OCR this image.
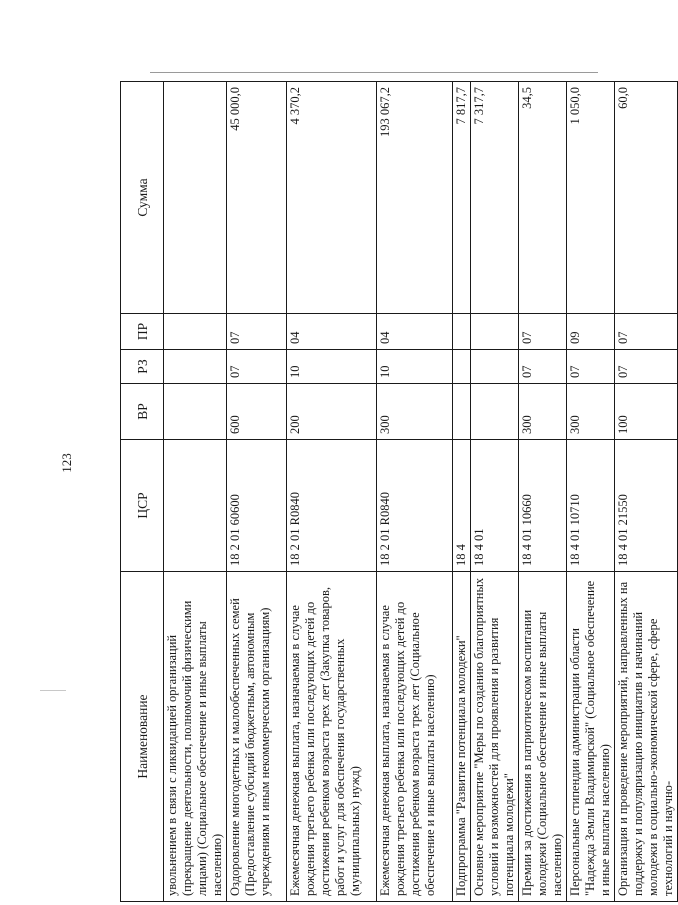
123
Наименование	ЦСР	ВР	РЗ	ПР	Сумма
увольнением в связи с ликвидацией организаций (прекращение деятельности, полномочий физическими лицами) (Социальное обеспечение и иные выплаты населению)					
Оздоровление многодетных и малообеспеченных семей (Предоставление субсидий бюджетным, автономным учреждениям и иным некоммерческим организациям)	18 2 01 60600	600	07	07	45 000,0
Ежемесячная денежная выплата, назначаемая в случае рождения третьего ребенка или последующих детей до достижения ребенком возраста трех лет (Закупка товаров, работ и услуг для обеспечения государственных (муниципальных) нужд)	18 2 01 R0840	200	10	04	4 370,2
Ежемесячная денежная выплата, назначаемая в случае рождения третьего ребенка или последующих детей до достижения ребенком возраста трех лет (Социальное обеспечение и иные выплаты населению)	18 2 01 R0840	300	10	04	193 067,2
Подпрограмма "Развитие потенциала молодежи"	18 4				7 817,7
Основное мероприятие "Меры по созданию благоприятных условий и возможностей для проявления и развития потенциала молодежи"	18 4 01				7 317,7
Премии за достижения в патриотическом воспитании молодежи (Социальное обеспечение и иные выплаты населению)	18 4 01 10660	300	07	07	34,5
Персональные стипендии администрации области "Надежда Земли Владимирской" (Социальное обеспечение и иные выплаты населению)	18 4 01 10710	300	07	09	1 050,0
Организация и проведение мероприятий, направленных на поддержку и популяризацию инициатив и начинаний молодежи в социально-экономической сфере, сфере технологий и научно-	18 4 01 21550	100	07	07	60,0
